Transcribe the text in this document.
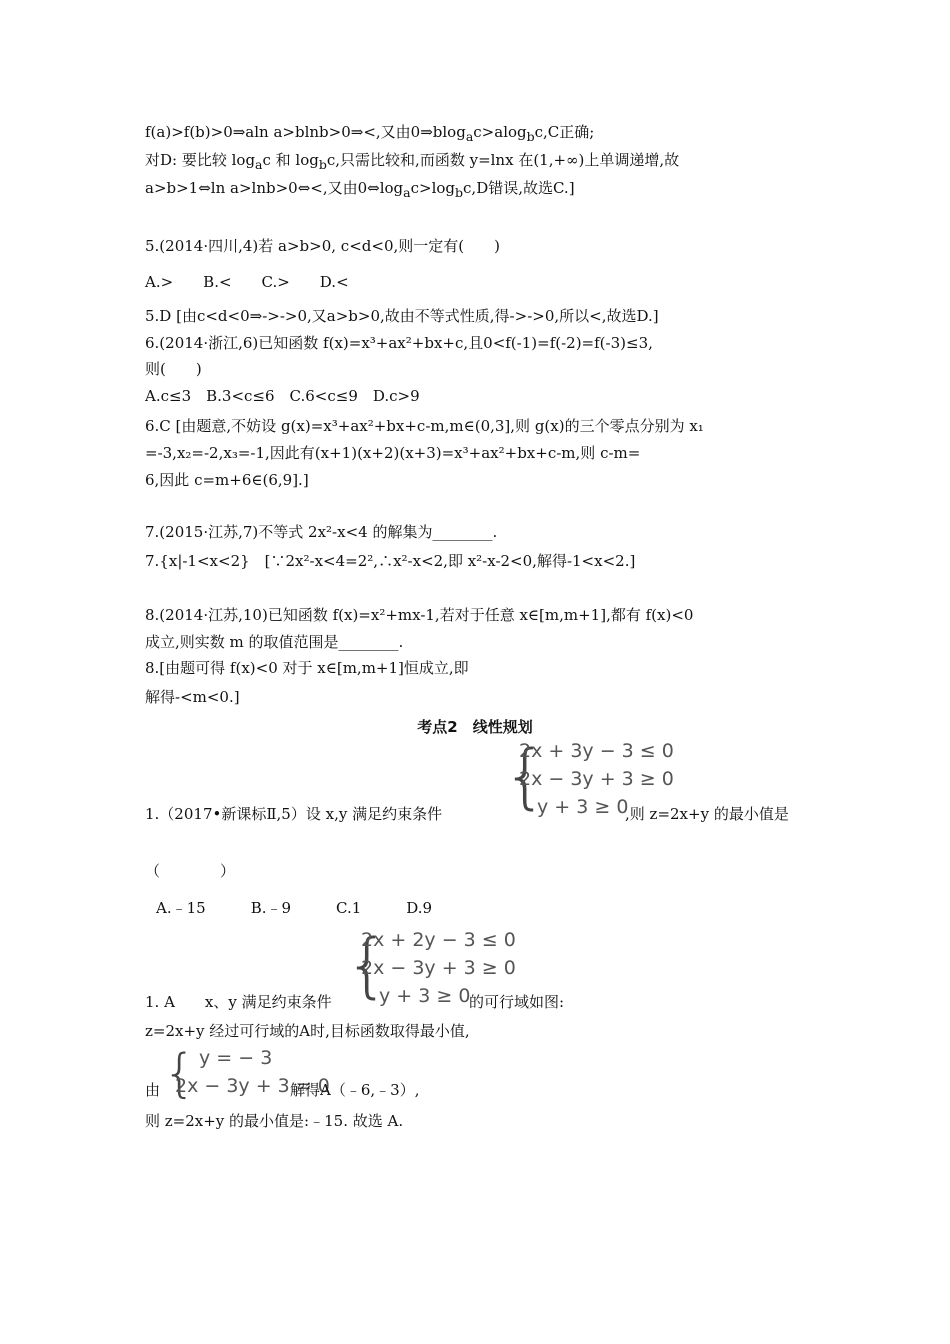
f(a)>f(b)>0⇒aln a>blnb>0⇒<,又由0⇒blog$_a$c>alog$_b$c,C正确;
对D: 要比较 $\log_ac$ 和 $\log_bc$,只需比较和,而函数 y=lnx 在(1,+∞)上单调递增,故
a>b>1⇔ln a>lnb>0⇔<,又由$0\Leftrightarrow\log_ac>\log_bc,D$错误,故选C.]
5.(2014·四川,4)若 a>b>0, c<d<0,则一定有(　　)
A.>　　B.<　　C.>　　D.<
5.D [由c<d<0⇒->->0,又a>b>0,故由不等式性质,得->->0,所以<,故选D.]
6.(2014·浙江,6)已知函数 f(x)=x³+ax²+bx+c,且0<f(-1)=f(-2)=f(-3)≤3,
则(　　)
A.c≤3　B.3<c≤6　C.6<c≤9　D.c>9
6.C [由题意,不妨设 g(x)=x³+ax²+bx+c-m,m∈(0,3],则 g(x)的三个零点分别为 x₁
=-3,x₂=-2,x₃=-1,因此有(x+1)(x+2)(x+3)=x³+ax²+bx+c-m,则 c-m=
6,因此 c=m+6∈(6,9].]
7.(2015·江苏,7)不等式 2x²-x<4 的解集为________.
7.{x|-1<x<2}　[∵2x²-x<4=2²,∴x²-x<2,即 x²-x-2<0,解得-1<x<2.]
8.(2014·江苏,10)已知函数 f(x)=x²+mx-1,若对于任意 x∈[m,m+1],都有 f(x)<0
成立,则实数 m 的取值范围是________.
8.[由题可得 f(x)<0 对于 x∈[m,m+1]恒成立,即
解得-<m<0.]
考点2　线性规划
{
2x + 3y − 3 ≤ 0
2x − 3y + 3 ≥ 0
y + 3 ≥ 0
1.（2017•新课标Ⅱ,5）设 x,y 满足约束条件	,则 z=2x+y 的最小值是
（　　　　）
A.﹣15　　　B.﹣9　　　C.1　　　D.9
{
2x + 2y − 3 ≤ 0
2x − 3y + 3 ≥ 0
y + 3 ≥ 0
1. A　　x、y 满足约束条件	的可行域如图:
z=2x+y 经过可行域的A时,目标函数取得最小值,
{ y = − 3
2x − 3y + 3 = 0
由	解得A（﹣6,﹣3）,
则 z=2x+y 的最小值是:﹣15. 故选 A.
